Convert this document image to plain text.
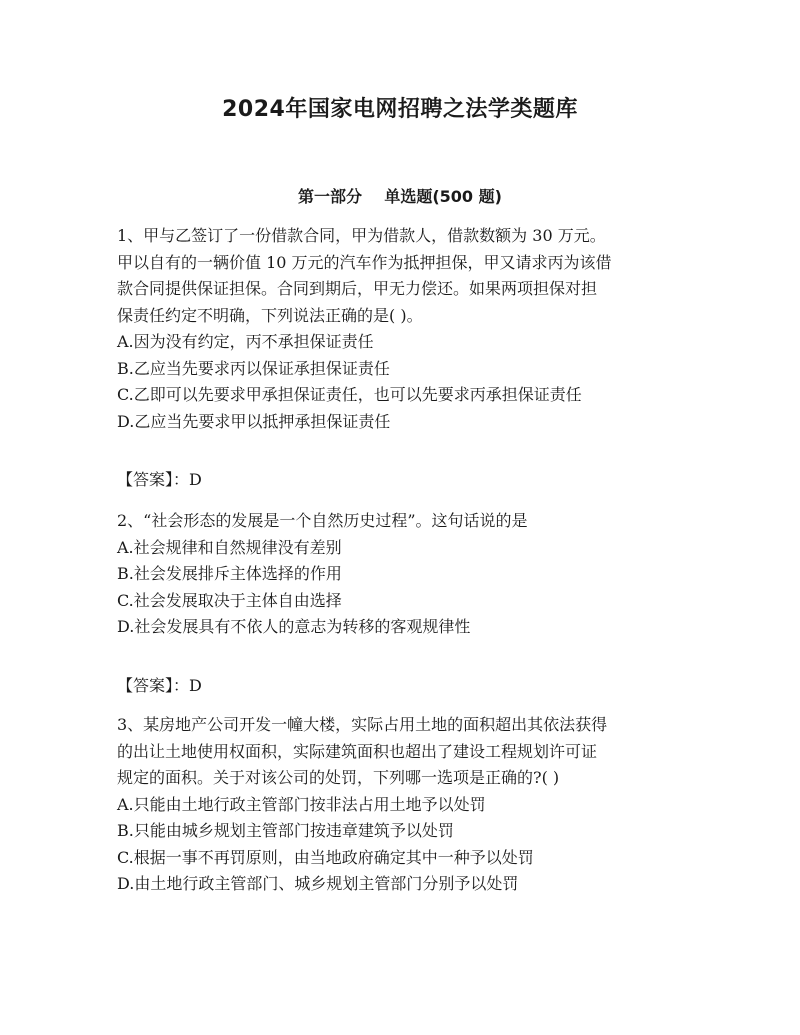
2024年国家电网招聘之法学类题库
第一部分    单选题(500 题)
1、甲与乙签订了一份借款合同，甲为借款人，借款数额为 30 万元。
甲以自有的一辆价值 10 万元的汽车作为抵押担保，甲又请求丙为该借
款合同提供保证担保。合同到期后，甲无力偿还。如果两项担保对担
保责任约定不明确，下列说法正确的是( )。
A.因为没有约定，丙不承担保证责任
B.乙应当先要求丙以保证承担保证责任
C.乙即可以先要求甲承担保证责任，也可以先要求丙承担保证责任
D.乙应当先要求甲以抵押承担保证责任
【答案】：D
2、“社会形态的发展是一个自然历史过程”。这句话说的是
A.社会规律和自然规律没有差别
B.社会发展排斥主体选择的作用
C.社会发展取决于主体自由选择
D.社会发展具有不依人的意志为转移的客观规律性
【答案】：D
3、某房地产公司开发一幢大楼，实际占用土地的面积超出其依法获得
的出让土地使用权面积，实际建筑面积也超出了建设工程规划许可证
规定的面积。关于对该公司的处罚，下列哪一选项是正确的?( )
A.只能由土地行政主管部门按非法占用土地予以处罚
B.只能由城乡规划主管部门按违章建筑予以处罚
C.根据一事不再罚原则，由当地政府确定其中一种予以处罚
D.由土地行政主管部门、城乡规划主管部门分别予以处罚
